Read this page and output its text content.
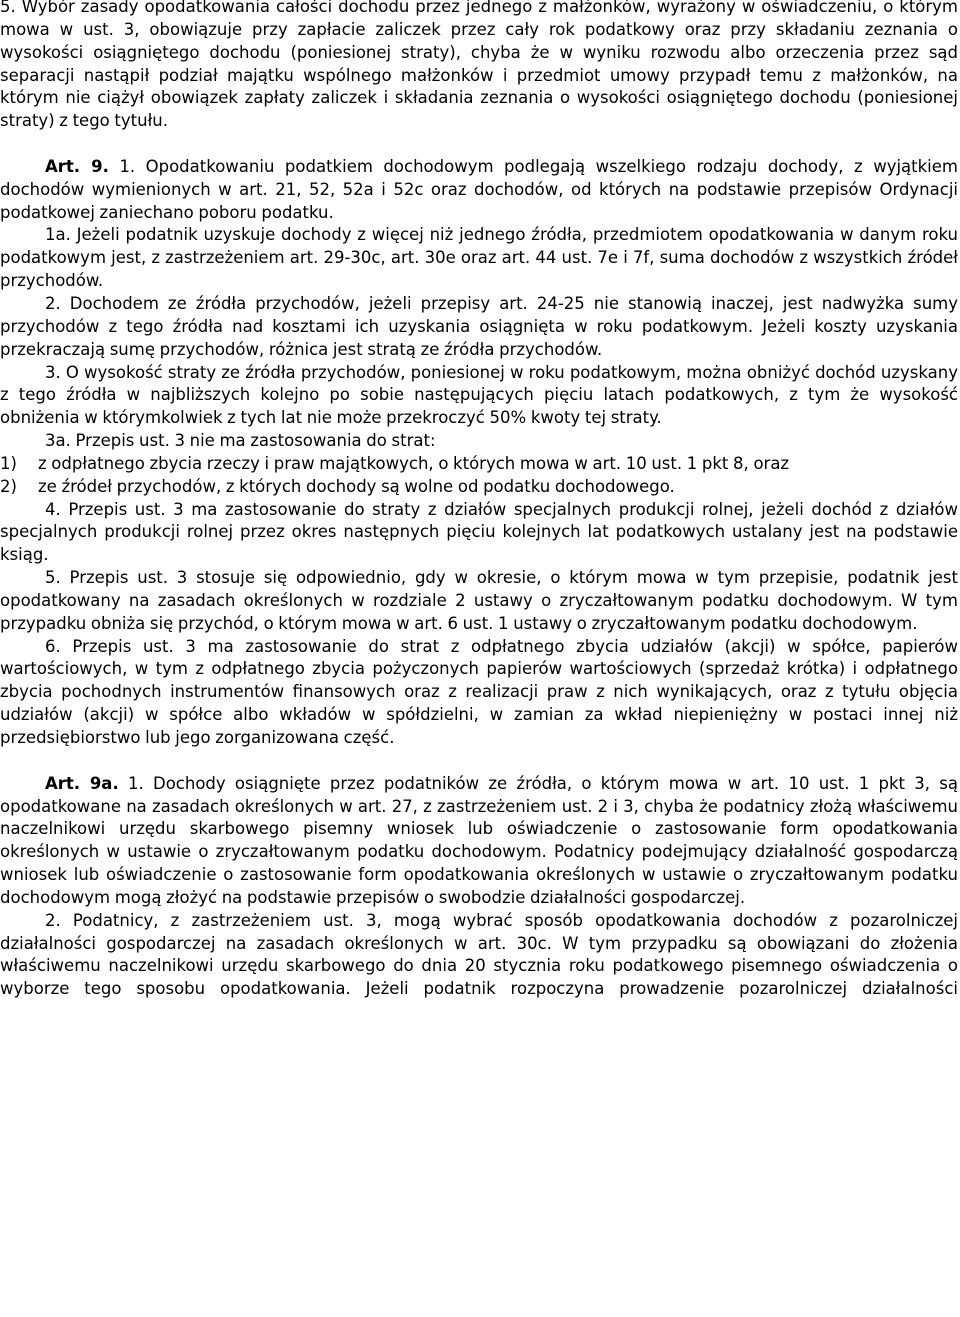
5. Wybór zasady opodatkowania całości dochodu przez jednego z małżonków, wyrażony w oświadczeniu, o którym mowa w ust. 3, obowiązuje przy zapłacie zaliczek przez cały rok podatkowy oraz przy składaniu zeznania o wysokości osiągniętego dochodu (poniesionej straty), chyba że w wyniku rozwodu albo orzeczenia przez sąd separacji nastąpił podział majątku wspólnego małżonków i przedmiot umowy przypadł temu z małżonków, na którym nie ciążył obowiązek zapłaty zaliczek i składania zeznania o wysokości osiągniętego dochodu (poniesionej straty) z tego tytułu.

Art. 9. 1. Opodatkowaniu podatkiem dochodowym podlegają wszelkiego rodzaju dochody, z wyjątkiem dochodów wymienionych w art. 21, 52, 52a i 52c oraz dochodów, od których na podstawie przepisów Ordynacji podatkowej zaniechano poboru podatku.

1a. Jeżeli podatnik uzyskuje dochody z więcej niż jednego źródła, przedmiotem opodatkowania w danym roku podatkowym jest, z zastrzeżeniem art. 29-30c, art. 30e oraz art. 44 ust. 7e i 7f, suma dochodów z wszystkich źródeł przychodów.

2. Dochodem ze źródła przychodów, jeżeli przepisy art. 24-25 nie stanowią inaczej, jest nadwyżka sumy przychodów z tego źródła nad kosztami ich uzyskania osiągnięta w roku podatkowym. Jeżeli koszty uzyskania przekraczają sumę przychodów, różnica jest stratą ze źródła przychodów.

3. O wysokość straty ze źródła przychodów, poniesionej w roku podatkowym, można obniżyć dochód uzyskany z tego źródła w najbliższych kolejno po sobie następujących pięciu latach podatkowych, z tym że wysokość obniżenia w którymkolwiek z tych lat nie może przekroczyć 50% kwoty tej straty.

3a. Przepis ust. 3 nie ma zastosowania do strat:

1)	z odpłatnego zbycia rzeczy i praw majątkowych, o których mowa w art. 10 ust. 1 pkt 8, oraz
2)	ze źródeł przychodów, z których dochody są wolne od podatku dochodowego.

4. Przepis ust. 3 ma zastosowanie do straty z działów specjalnych produkcji rolnej, jeżeli dochód z działów specjalnych produkcji rolnej przez okres następnych pięciu kolejnych lat podatkowych ustalany jest na podstawie ksiąg.

5. Przepis ust. 3 stosuje się odpowiednio, gdy w okresie, o którym mowa w tym przepisie, podatnik jest opodatkowany na zasadach określonych w rozdziale 2 ustawy o zryczałtowanym podatku dochodowym. W tym przypadku obniża się przychód, o którym mowa w art. 6 ust. 1 ustawy o zryczałtowanym podatku dochodowym.

6. Przepis ust. 3 ma zastosowanie do strat z odpłatnego zbycia udziałów (akcji) w spółce, papierów wartościowych, w tym z odpłatnego zbycia pożyczonych papierów wartościowych (sprzedaż krótka) i odpłatnego zbycia pochodnych instrumentów finansowych oraz z realizacji praw z nich wynikających, oraz z tytułu objęcia udziałów (akcji) w spółce albo wkładów w spółdzielni, w zamian za wkład niepieniężny w postaci innej niż przedsiębiorstwo lub jego zorganizowana część.

Art. 9a. 1. Dochody osiągnięte przez podatników ze źródła, o którym mowa w art. 10 ust. 1 pkt 3, są opodatkowane na zasadach określonych w art. 27, z zastrzeżeniem ust. 2 i 3, chyba że podatnicy złożą właściwemu naczelnikowi urzędu skarbowego pisemny wniosek lub oświadczenie o zastosowanie form opodatkowania określonych w ustawie o zryczałtowanym podatku dochodowym. Podatnicy podejmujący działalność gospodarczą wniosek lub oświadczenie o zastosowanie form opodatkowania określonych w ustawie o zryczałtowanym podatku dochodowym mogą złożyć na podstawie przepisów o swobodzie działalności gospodarczej.

2. Podatnicy, z zastrzeżeniem ust. 3, mogą wybrać sposób opodatkowania dochodów z pozarolniczej działalności gospodarczej na zasadach określonych w art. 30c. W tym przypadku są obowiązani do złożenia właściwemu naczelnikowi urzędu skarbowego do dnia 20 stycznia roku podatkowego pisemnego oświadczenia o wyborze tego sposobu opodatkowania. Jeżeli podatnik rozpoczyna prowadzenie pozarolniczej działalności
